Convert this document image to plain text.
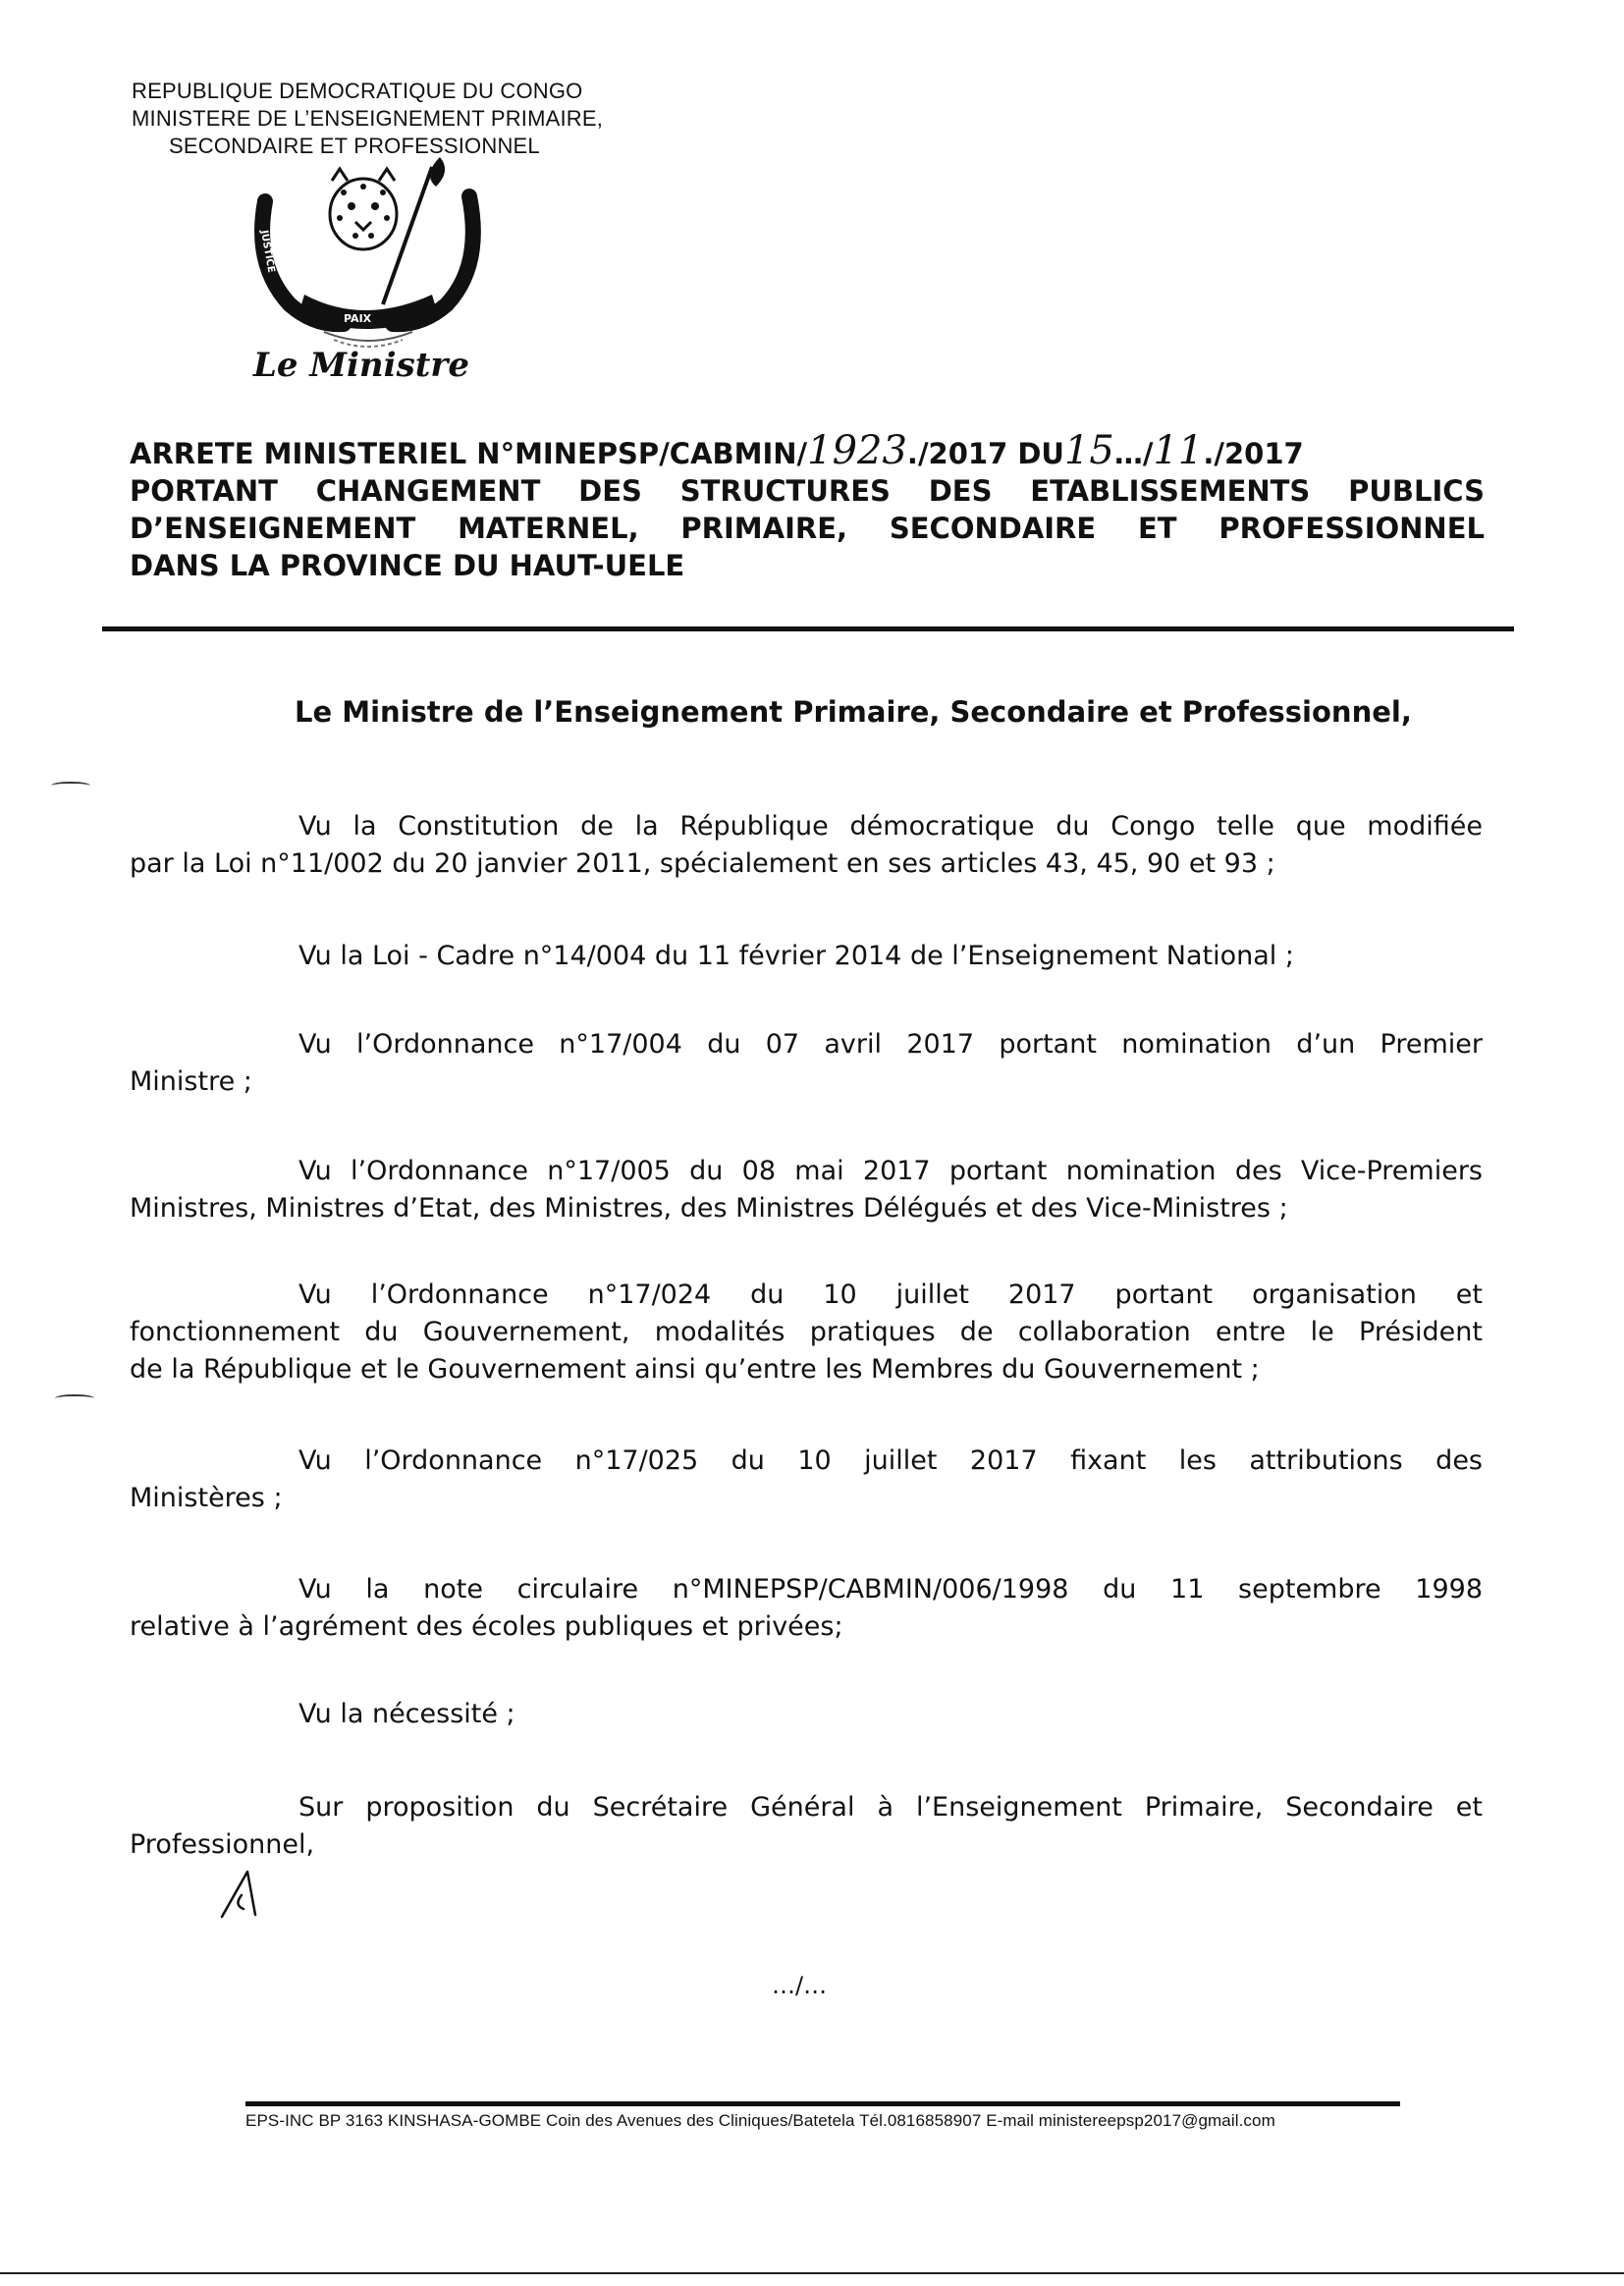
REPUBLIQUE DEMOCRATIQUE DU CONGO
MINISTERE DE L’ENSEIGNEMENT PRIMAIRE,
SECONDAIRE ET PROFESSIONNEL
PAIX
JUSTICE	TRAVAIL
Le Ministre
ARRETE MINISTERIEL N°MINEPSP/CABMIN/1923./2017 DU15…/11./2017
PORTANT CHANGEMENT DES STRUCTURES DES ETABLISSEMENTS PUBLICS
D’ENSEIGNEMENT MATERNEL, PRIMAIRE, SECONDAIRE ET PROFESSIONNEL
DANS LA PROVINCE DU HAUT-UELE
Le Ministre de l’Enseignement Primaire, Secondaire et Professionnel,
Vu la Constitution de la République démocratique du Congo telle que modifiée
par la Loi n°11/002 du 20 janvier 2011, spécialement en ses articles 43, 45, 90 et 93 ;
Vu la Loi - Cadre n°14/004 du 11 février 2014 de l’Enseignement National ;
Vu l’Ordonnance n°17/004 du 07 avril 2017 portant nomination d’un Premier
Ministre ;
Vu l’Ordonnance n°17/005 du 08 mai 2017 portant nomination des Vice-Premiers
Ministres, Ministres d’Etat, des Ministres, des Ministres Délégués et des Vice-Ministres ;
Vu l’Ordonnance n°17/024 du 10 juillet 2017 portant organisation et
fonctionnement du Gouvernement, modalités pratiques de collaboration entre le Président
de la République et le Gouvernement ainsi qu’entre les Membres du Gouvernement ;
Vu l’Ordonnance n°17/025 du 10 juillet 2017 fixant les attributions des
Ministères ;
Vu la note circulaire n°MINEPSP/CABMIN/006/1998 du 11 septembre 1998
relative à l’agrément des écoles publiques et privées;
Vu la nécessité ;
Sur proposition du Secrétaire Général à l’Enseignement Primaire, Secondaire et
Professionnel,
…/…
EPS-INC BP 3163 KINSHASA-GOMBE Coin des Avenues des Cliniques/Batetela Tél.0816858907 E-mail ministereepsp2017@gmail.com
